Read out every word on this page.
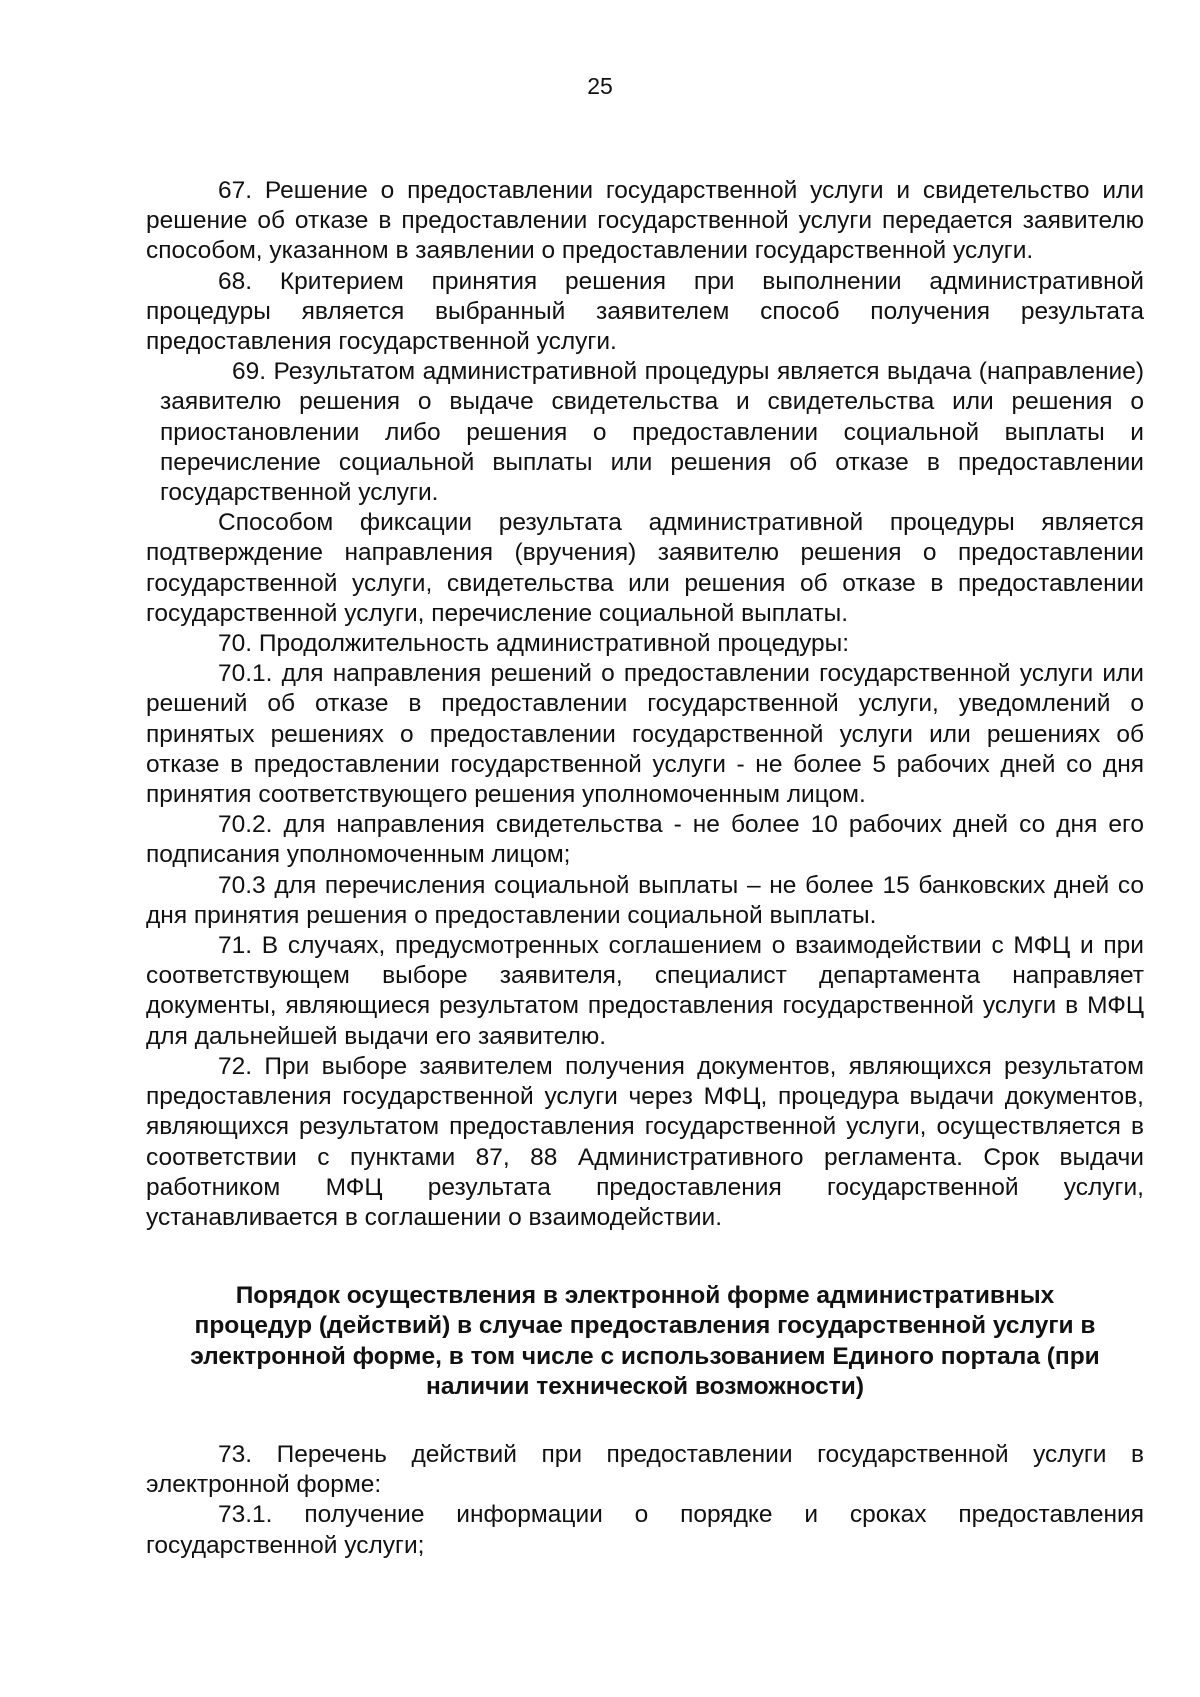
25

67. Решение о предоставлении государственной услуги и свидетельство или решение об отказе в предоставлении государственной услуги передается заявителю способом, указанном в заявлении о предоставлении государственной услуги.

68. Критерием принятия решения при выполнении административной процедуры является выбранный заявителем способ получения результата предоставления государственной услуги.

69. Результатом административной процедуры является выдача (направление) заявителю решения о выдаче свидетельства и свидетельства или решения о приостановлении либо решения о предоставлении социальной выплаты и перечисление социальной выплаты или решения об отказе в предоставлении государственной услуги.

Способом фиксации результата административной процедуры является подтверждение направления (вручения) заявителю решения о предоставлении государственной услуги, свидетельства или решения об отказе в предоставлении государственной услуги, перечисление социальной выплаты.

70. Продолжительность административной процедуры:

70.1. для направления решений о предоставлении государственной услуги или решений об отказе в предоставлении государственной услуги, уведомлений о принятых решениях о предоставлении государственной услуги или решениях об отказе в предоставлении государственной услуги - не более 5 рабочих дней со дня принятия соответствующего решения уполномоченным лицом.

70.2. для направления свидетельства - не более 10 рабочих дней со дня его подписания уполномоченным лицом;

70.3 для перечисления социальной выплаты – не более 15 банковских дней со дня принятия решения о предоставлении социальной выплаты.

71. В случаях, предусмотренных соглашением о взаимодействии с МФЦ и при соответствующем выборе заявителя, специалист департамента направляет документы, являющиеся результатом предоставления государственной услуги в МФЦ для дальнейшей выдачи его заявителю.

72. При выборе заявителем получения документов, являющихся результатом предоставления государственной услуги через МФЦ, процедура выдачи документов, являющихся результатом предоставления государственной услуги, осуществляется в соответствии с пунктами 87, 88 Административного регламента. Срок выдачи работником МФЦ результата предоставления государственной услуги, устанавливается в соглашении о взаимодействии.

Порядок осуществления в электронной форме административных процедур (действий) в случае предоставления государственной услуги в электронной форме, в том числе с использованием Единого портала (при наличии технической возможности)

73. Перечень действий при предоставлении государственной услуги в электронной форме:

73.1. получение информации о порядке и сроках предоставления государственной услуги;
